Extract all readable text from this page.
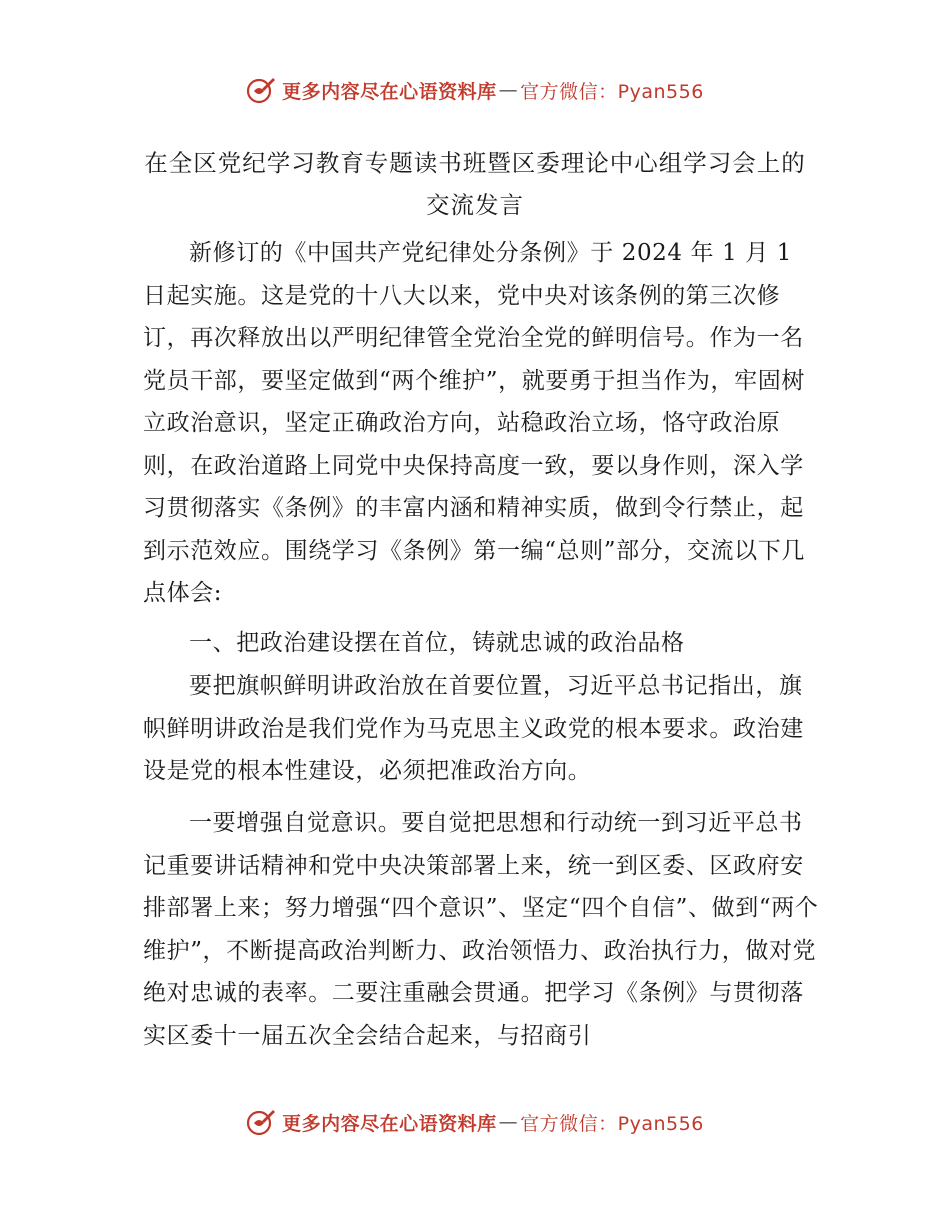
更多内容尽在心语资料库 — 官方微信：Pyan556
在全区党纪学习教育专题读书班暨区委理论中心组学习会上的
交流发言

新修订的《中国共产党纪律处分条例》于 2024 年 1 月 1 日起实施。这是党的十八大以来，党中央对该条例的第三次修订，再次释放出以严明纪律管全党治全党的鲜明信号。作为一名党员干部，要坚定做到“两个维护”，就要勇于担当作为，牢固树立政治意识，坚定正确政治方向，站稳政治立场，恪守政治原则，在政治道路上同党中央保持高度一致，要以身作则，深入学习贯彻落实《条例》的丰富内涵和精神实质，做到令行禁止，起到示范效应。围绕学习《条例》第一编“总则”部分，交流以下几点体会:

一、把政治建设摆在首位，铸就忠诚的政治品格

要把旗帜鲜明讲政治放在首要位置，习近平总书记指出，旗帜鲜明讲政治是我们党作为马克思主义政党的根本要求。政治建设是党的根本性建设，必须把准政治方向。

一要增强自觉意识。要自觉把思想和行动统一到习近平总书记重要讲话精神和党中央决策部署上来，统一到区委、区政府安排部署上来；努力增强“四个意识”、坚定“四个自信”、做到“两个维护”，不断提高政治判断力、政治领悟力、政治执行力，做对党绝对忠诚的表率。二要注重融会贯通。把学习《条例》与贯彻落实区委十一届五次全会结合起来，与招商引

更多内容尽在心语资料库 — 官方微信：Pyan556
